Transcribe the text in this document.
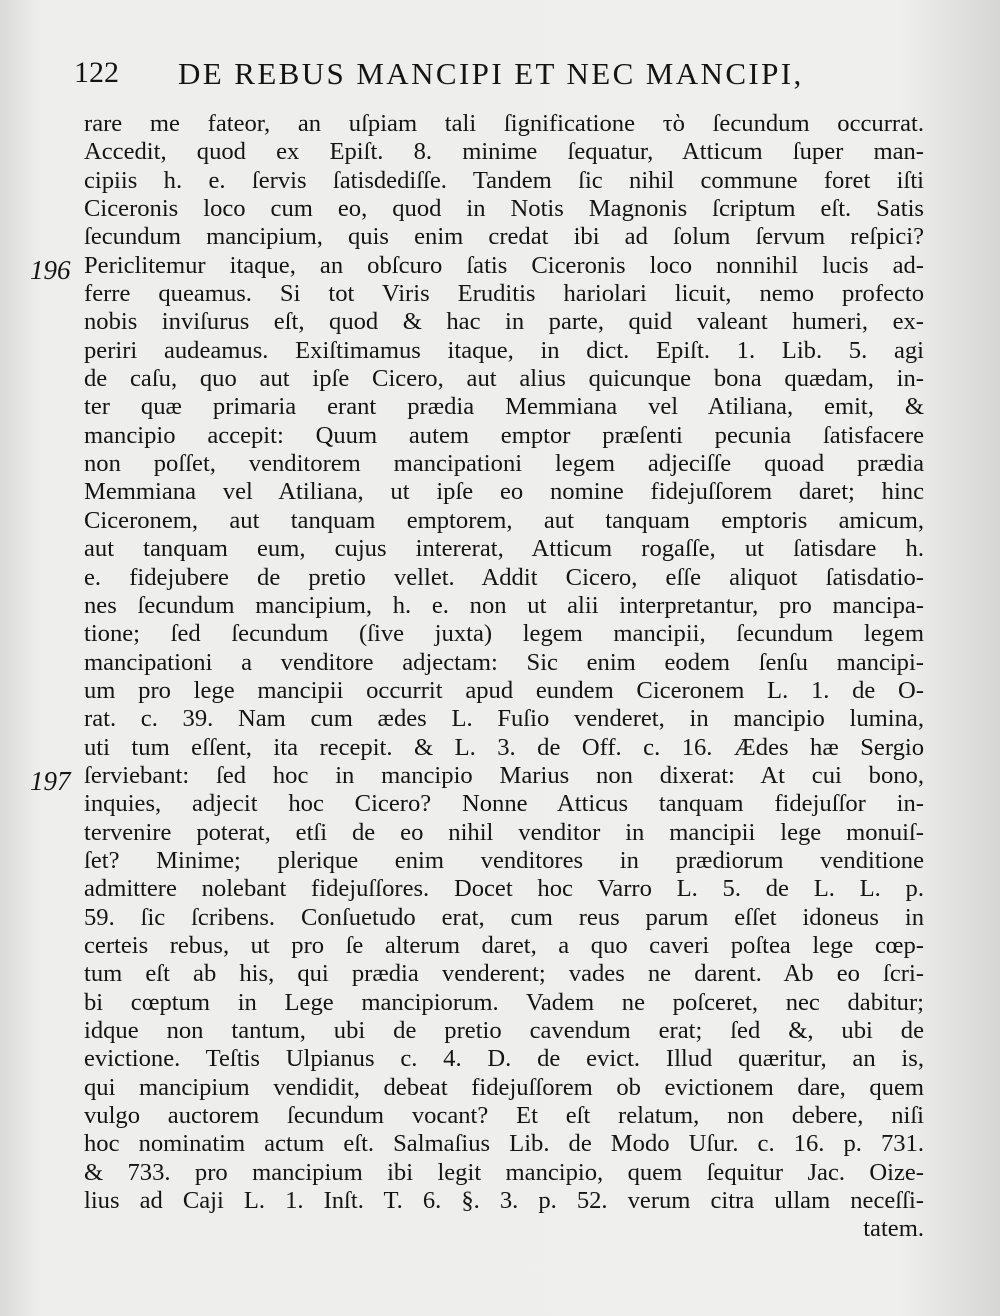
122 DE REBUS MANCIPI ET NEC MANCIPI,
196
197
rare me fateor, an uſpiam tali ſignificatione τὸ ſecundum occurrat.
Accedit, quod ex Epiſt. 8. minime ſequatur, Atticum ſuper man-
cipiis h. e. ſervis ſatisdediſſe. Tandem ſic nihil commune foret iſti
Ciceronis loco cum eo, quod in Notis Magnonis ſcriptum eſt. Satis
ſecundum mancipium, quis enim credat ibi ad ſolum ſervum reſpici?
Periclitemur itaque, an obſcuro ſatis Ciceronis loco nonnihil lucis ad-
ferre queamus. Si tot Viris Eruditis hariolari licuit, nemo profecto
nobis inviſurus eſt, quod & hac in parte, quid valeant humeri, ex-
periri audeamus. Exiſtimamus itaque, in dict. Epiſt. 1. Lib. 5. agi
de caſu, quo aut ipſe Cicero, aut alius quicunque bona quædam, in-
ter quæ primaria erant prædia Memmiana vel Atiliana, emit, &
mancipio accepit: Quum autem emptor præſenti pecunia ſatisfacere
non poſſet, venditorem mancipationi legem adjeciſſe quoad prædia
Memmiana vel Atiliana, ut ipſe eo nomine fidejuſſorem daret; hinc
Ciceronem, aut tanquam emptorem, aut tanquam emptoris amicum,
aut tanquam eum, cujus intererat, Atticum rogaſſe, ut ſatisdare h.
e. fidejubere de pretio vellet. Addit Cicero, eſſe aliquot ſatisdatio-
nes ſecundum mancipium, h. e. non ut alii interpretantur, pro mancipa-
tione; ſed ſecundum (ſive juxta) legem mancipii, ſecundum legem
mancipationi a venditore adjectam: Sic enim eodem ſenſu mancipi-
um pro lege mancipii occurrit apud eundem Ciceronem L. 1. de O-
rat. c. 39. Nam cum ædes L. Fuſio venderet, in mancipio lumina,
uti tum eſſent, ita recepit. & L. 3. de Off. c. 16. Ædes hæ Sergio
ſerviebant: ſed hoc in mancipio Marius non dixerat: At cui bono,
inquies, adjecit hoc Cicero? Nonne Atticus tanquam fidejuſſor in-
tervenire poterat, etſi de eo nihil venditor in mancipii lege monuiſ-
ſet? Minime; plerique enim venditores in prædiorum venditione
admittere nolebant fidejuſſores. Docet hoc Varro L. 5. de L. L. p.
59. ſic ſcribens. Conſuetudo erat, cum reus parum eſſet idoneus in
certeis rebus, ut pro ſe alterum daret, a quo caveri poſtea lege cœp-
tum eſt ab his, qui prædia venderent; vades ne darent. Ab eo ſcri-
bi cœptum in Lege mancipiorum. Vadem ne poſceret, nec dabitur;
idque non tantum, ubi de pretio cavendum erat; ſed &, ubi de
evictione. Teſtis Ulpianus c. 4. D. de evict. Illud quæritur, an is,
qui mancipium vendidit, debeat fidejuſſorem ob evictionem dare, quem
vulgo auctorem ſecundum vocant? Et eſt relatum, non debere, niſi
hoc nominatim actum eſt. Salmaſius Lib. de Modo Uſur. c. 16. p. 731.
& 733. pro mancipium ibi legit mancipio, quem ſequitur Jac. Oize-
lius ad Caji L. 1. Inſt. T. 6. §. 3. p. 52. verum citra ullam neceſſi-
tatem.
